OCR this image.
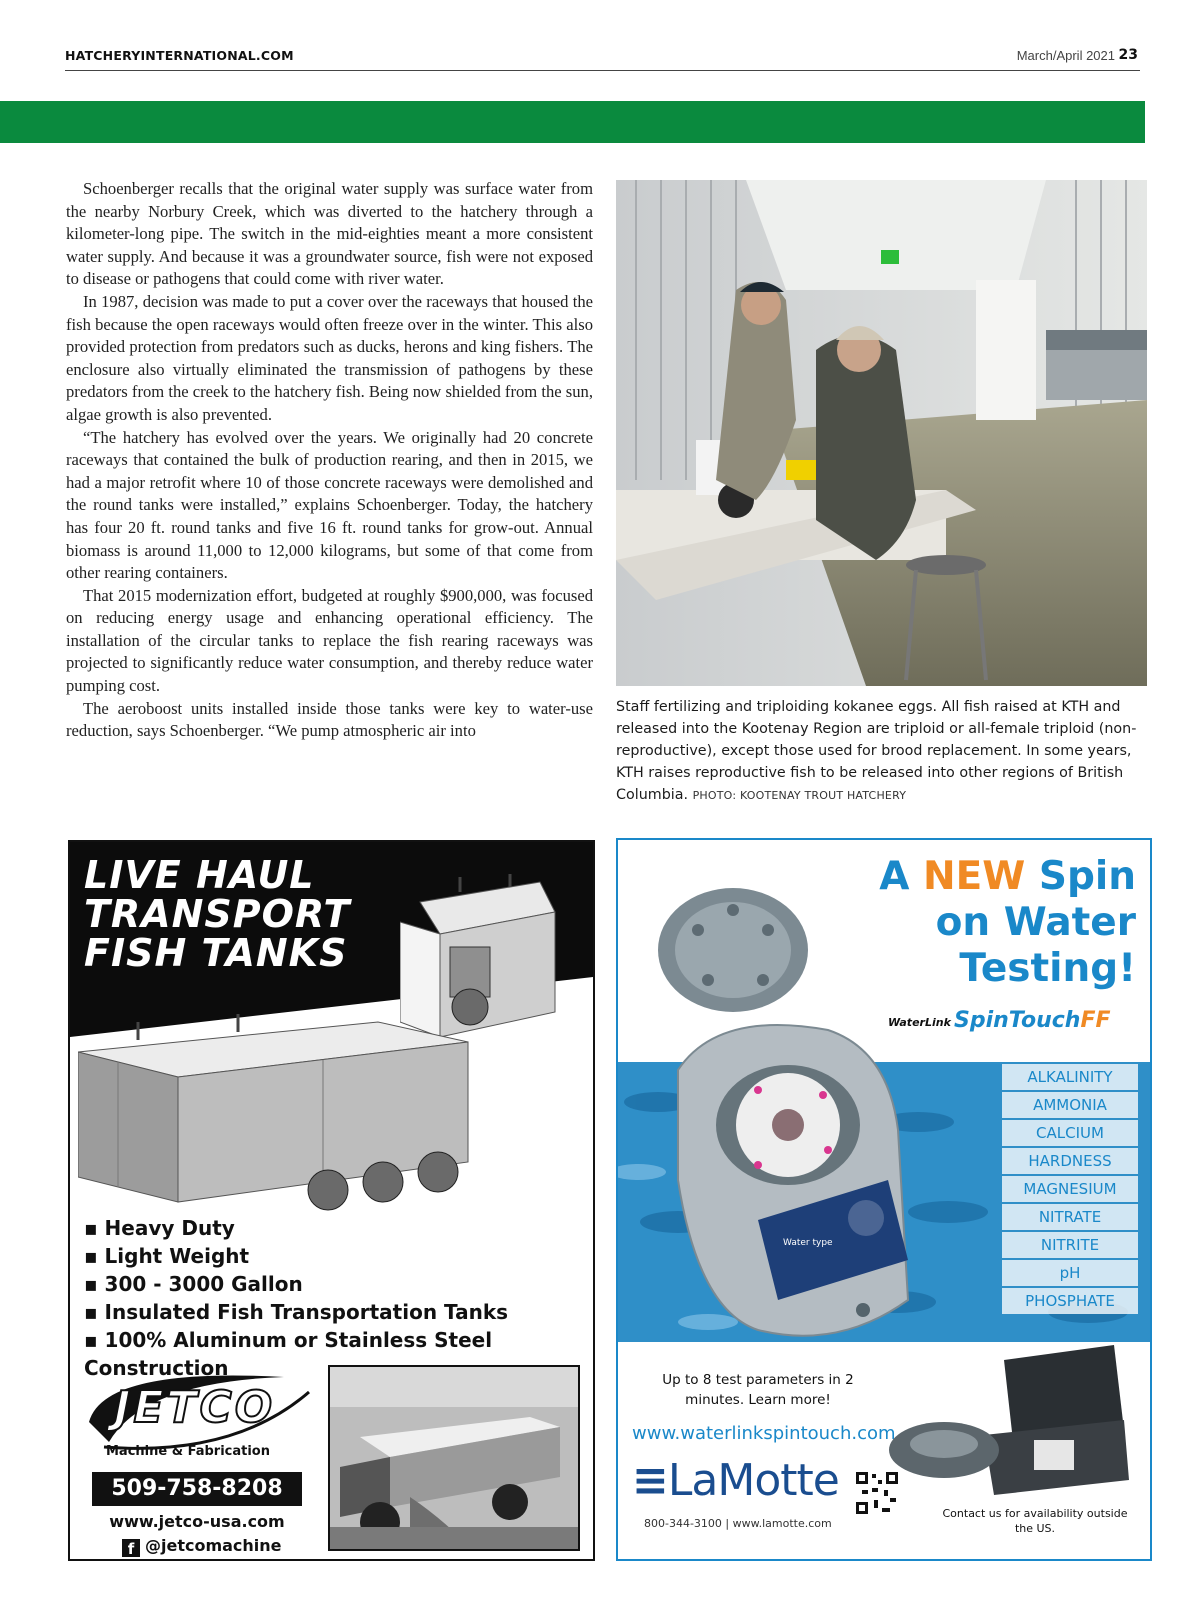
HATCHERYINTERNATIONAL.COM	March/April 2021 23

Schoenberger recalls that the original water supply was surface water from the nearby Norbury Creek, which was diverted to the hatchery through a kilometer-long pipe. The switch in the mid-eighties meant a more consistent water supply. And because it was a groundwater source, fish were not exposed to disease or pathogens that could come with river water.

In 1987, decision was made to put a cover over the raceways that housed the fish because the open raceways would often freeze over in the winter. This also provided protection from predators such as ducks, herons and king fishers. The enclosure also virtually eliminated the transmission of pathogens by these predators from the creek to the hatchery fish. Being now shielded from the sun, algae growth is also prevented.

“The hatchery has evolved over the years. We originally had 20 concrete raceways that contained the bulk of production rearing, and then in 2015, we had a major retrofit where 10 of those concrete raceways were demolished and the round tanks were installed,” explains Schoenberger. Today, the hatchery has four 20 ft. round tanks and five 16 ft. round tanks for grow-out. Annual biomass is around 11,000 to 12,000 kilograms, but some of that come from other rearing containers.

That 2015 modernization effort, budgeted at roughly $900,000, was focused on reducing energy usage and enhancing operational efficiency. The installation of the circular tanks to replace the fish rearing raceways was projected to significantly reduce water consumption, and thereby reduce water pumping cost.

The aeroboost units installed inside those tanks were key to water-use reduction, says Schoenberger. “We pump atmospheric air into

Staff fertilizing and triploiding kokanee eggs. All fish raised at KTH and released into the Kootenay Region are triploid or all-female triploid (non-reproductive), except those used for brood replacement. In some years, KTH raises reproductive fish to be released into other regions of British Columbia. PHOTO: KOOTENAY TROUT HATCHERY
LIVE HAUL
TRANSPORT
FISH TANKS
▪ Heavy Duty
▪ Light Weight
▪ 300 - 3000 Gallon
▪ Insulated Fish Transportation Tanks
▪ 100% Aluminum or Stainless Steel Construction
JETCO
Machine & Fabrication
509-758-8208
www.jetco-usa.com
f @jetcomachine
A NEW Spin on Water Testing!
WaterLink SpinTouchFF
ALKALINITY
AMMONIA
CALCIUM
HARDNESS
MAGNESIUM
NITRATE
NITRITE
pH
PHOSPHATE
Water type
Up to 8 test parameters in 2 minutes. Learn more!
www.waterlinkspintouch.com
≡LaMotte
800-344-3100 | www.lamotte.com
Contact us for availability outside the US.
